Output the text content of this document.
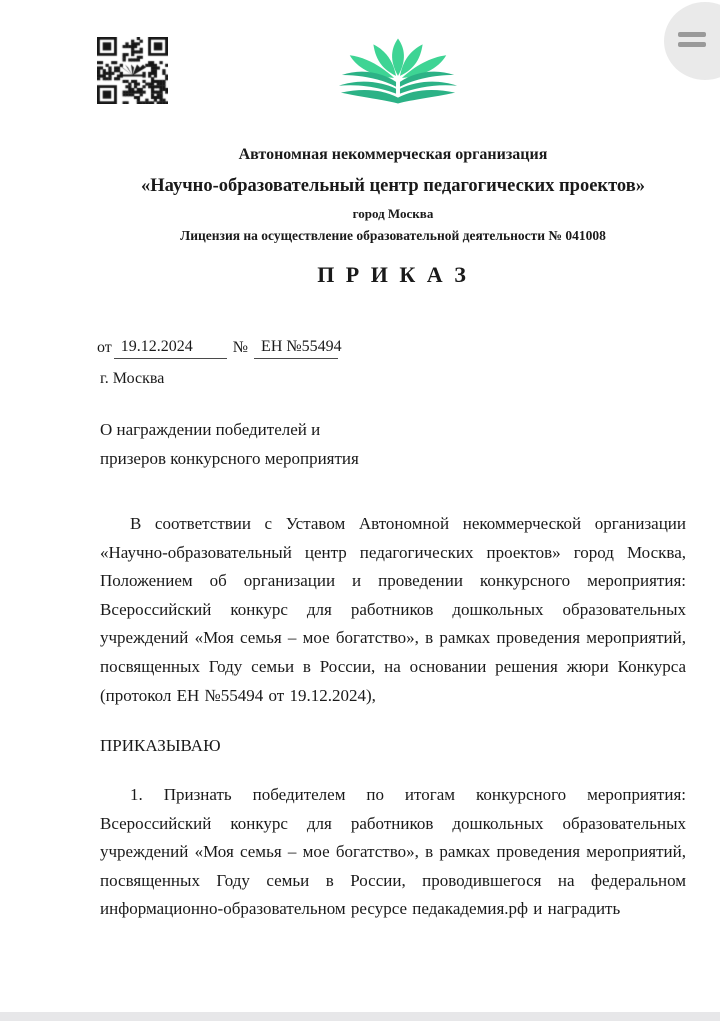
Автономная некоммерческая организация
«Научно-образовательный центр педагогических проектов»
город Москва
Лицензия на осуществление образовательной деятельности № 041008
П Р И К А З
от 19.12.2024	№ ЕН №55494
г. Москва
О награждении победителей и
призеров конкурсного мероприятия

В соответствии с Уставом Автономной некоммерческой организации «Научно-образовательный центр педагогических проектов» город Москва, Положением об организации и проведении конкурсного мероприятия: Всероссийский конкурс для работников дошкольных образовательных учреждений «Моя семья – мое богатство», в рамках проведения мероприятий, посвященных Году семьи в России, на основании решения жюри Конкурса (протокол ЕН №55494 от 19.12.2024),

ПРИКАЗЫВАЮ

1. Признать победителем по итогам конкурсного мероприятия: Всероссийский конкурс для работников дошкольных образовательных учреждений «Моя семья – мое богатство», в рамках проведения мероприятий, посвященных Году семьи в России, проводившегося на федеральном информационно-образовательном ресурсе педакадемия.рф и наградить
